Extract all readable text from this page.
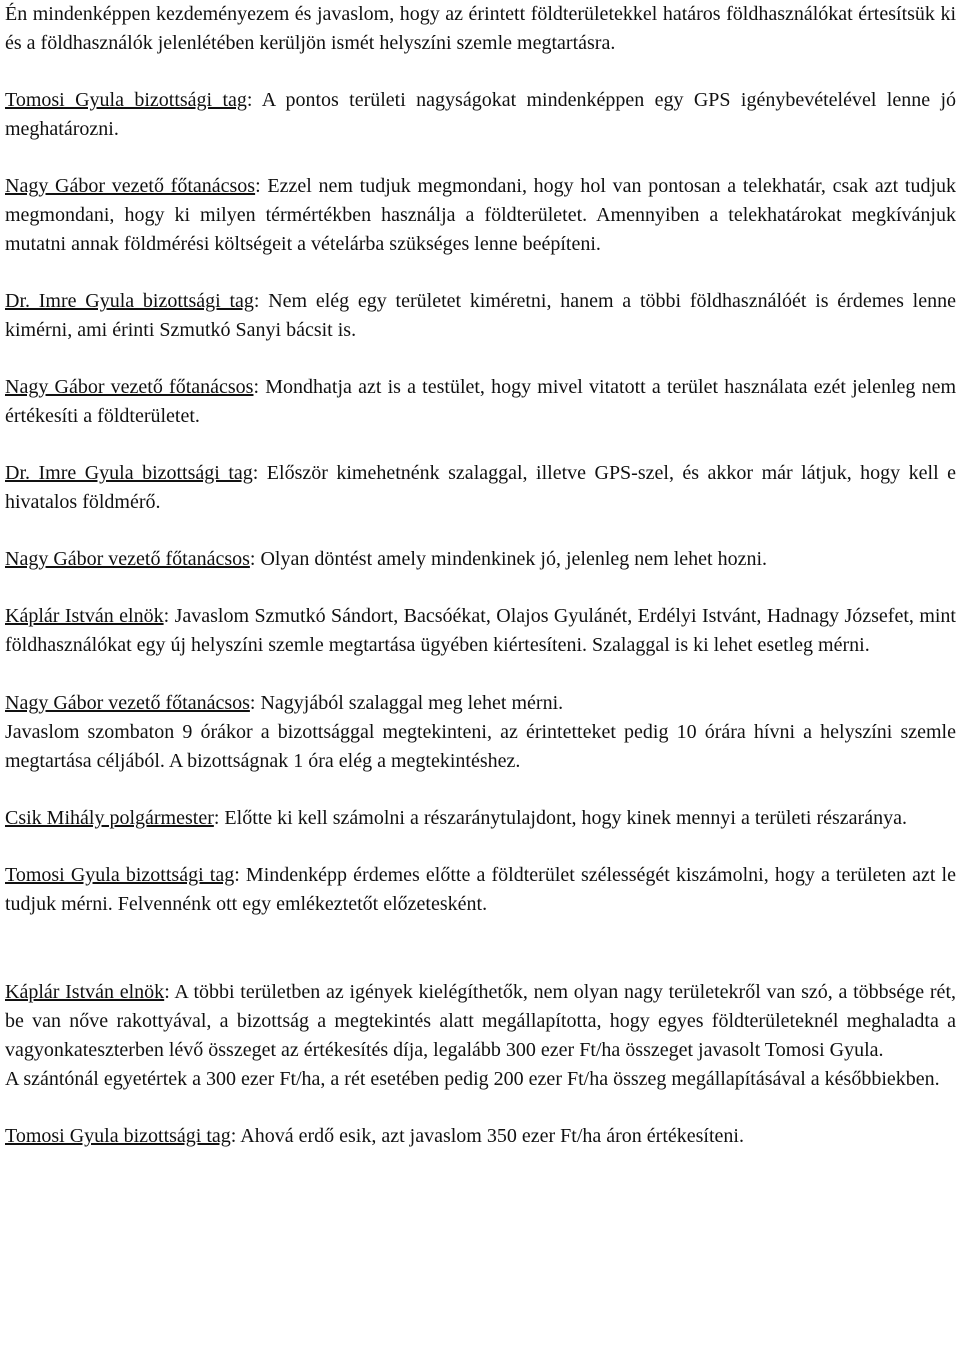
Én mindenképpen kezdeményezem és javaslom, hogy az érintett földterületekkel határos földhasználókat értesítsük ki és a földhasználók jelenlétében kerüljön ismét helyszíni szemle megtartásra.

Tomosi Gyula bizottsági tag: A pontos területi nagyságokat mindenképpen egy GPS igénybevételével lenne jó meghatározni.

Nagy Gábor vezető főtanácsos: Ezzel nem tudjuk megmondani, hogy hol van pontosan a telekhatár, csak azt tudjuk megmondani, hogy ki milyen térmértékben használja a földterületet. Amennyiben a telekhatárokat megkívánjuk mutatni annak földmérési költségeit a vételárba szükséges lenne beépíteni.

Dr. Imre Gyula bizottsági tag: Nem elég egy területet kiméretni, hanem a többi földhasználóét is érdemes lenne kimérni, ami érinti Szmutkó Sanyi bácsit is.

Nagy Gábor vezető főtanácsos: Mondhatja azt is a testület, hogy mivel vitatott a terület használata ezét jelenleg nem értékesíti a földterületet.

Dr. Imre Gyula bizottsági tag: Először kimehetnénk szalaggal, illetve GPS-szel, és akkor már látjuk, hogy kell e hivatalos földmérő.

Nagy Gábor vezető főtanácsos: Olyan döntést amely mindenkinek jó, jelenleg nem lehet hozni.

Káplár István elnök: Javaslom Szmutkó Sándort, Bacsóékat, Olajos Gyulánét, Erdélyi Istvánt, Hadnagy Józsefet, mint földhasználókat egy új helyszíni szemle megtartása ügyében kiértesíteni. Szalaggal is ki lehet esetleg mérni.

Nagy Gábor vezető főtanácsos: Nagyjából szalaggal meg lehet mérni.

Javaslom szombaton 9 órákor a bizottsággal megtekinteni, az érintetteket pedig 10 órára hívni a helyszíni szemle megtartása céljából. A bizottságnak 1 óra elég a megtekintéshez.

Csik Mihály polgármester: Előtte ki kell számolni a részaránytulajdont, hogy kinek mennyi a területi részaránya.

Tomosi Gyula bizottsági tag: Mindenképp érdemes előtte a földterület szélességét kiszámolni, hogy a területen azt le tudjuk mérni. Felvennénk ott egy emlékeztetőt előzetesként.

Káplár István elnök: A többi területben az igények kielégíthetők, nem olyan nagy területekről van szó, a többsége rét, be van nőve rakottyával, a bizottság a megtekintés alatt megállapította, hogy egyes földterületeknél meghaladta a vagyonkateszterben lévő összeget az értékesítés díja, legalább 300 ezer Ft/ha összeget javasolt Tomosi Gyula.

A szántónál egyetértek a 300 ezer Ft/ha, a rét esetében pedig 200 ezer Ft/ha összeg megállapításával a későbbiekben.

Tomosi Gyula bizottsági tag: Ahová erdő esik, azt javaslom 350 ezer Ft/ha áron értékesíteni.
